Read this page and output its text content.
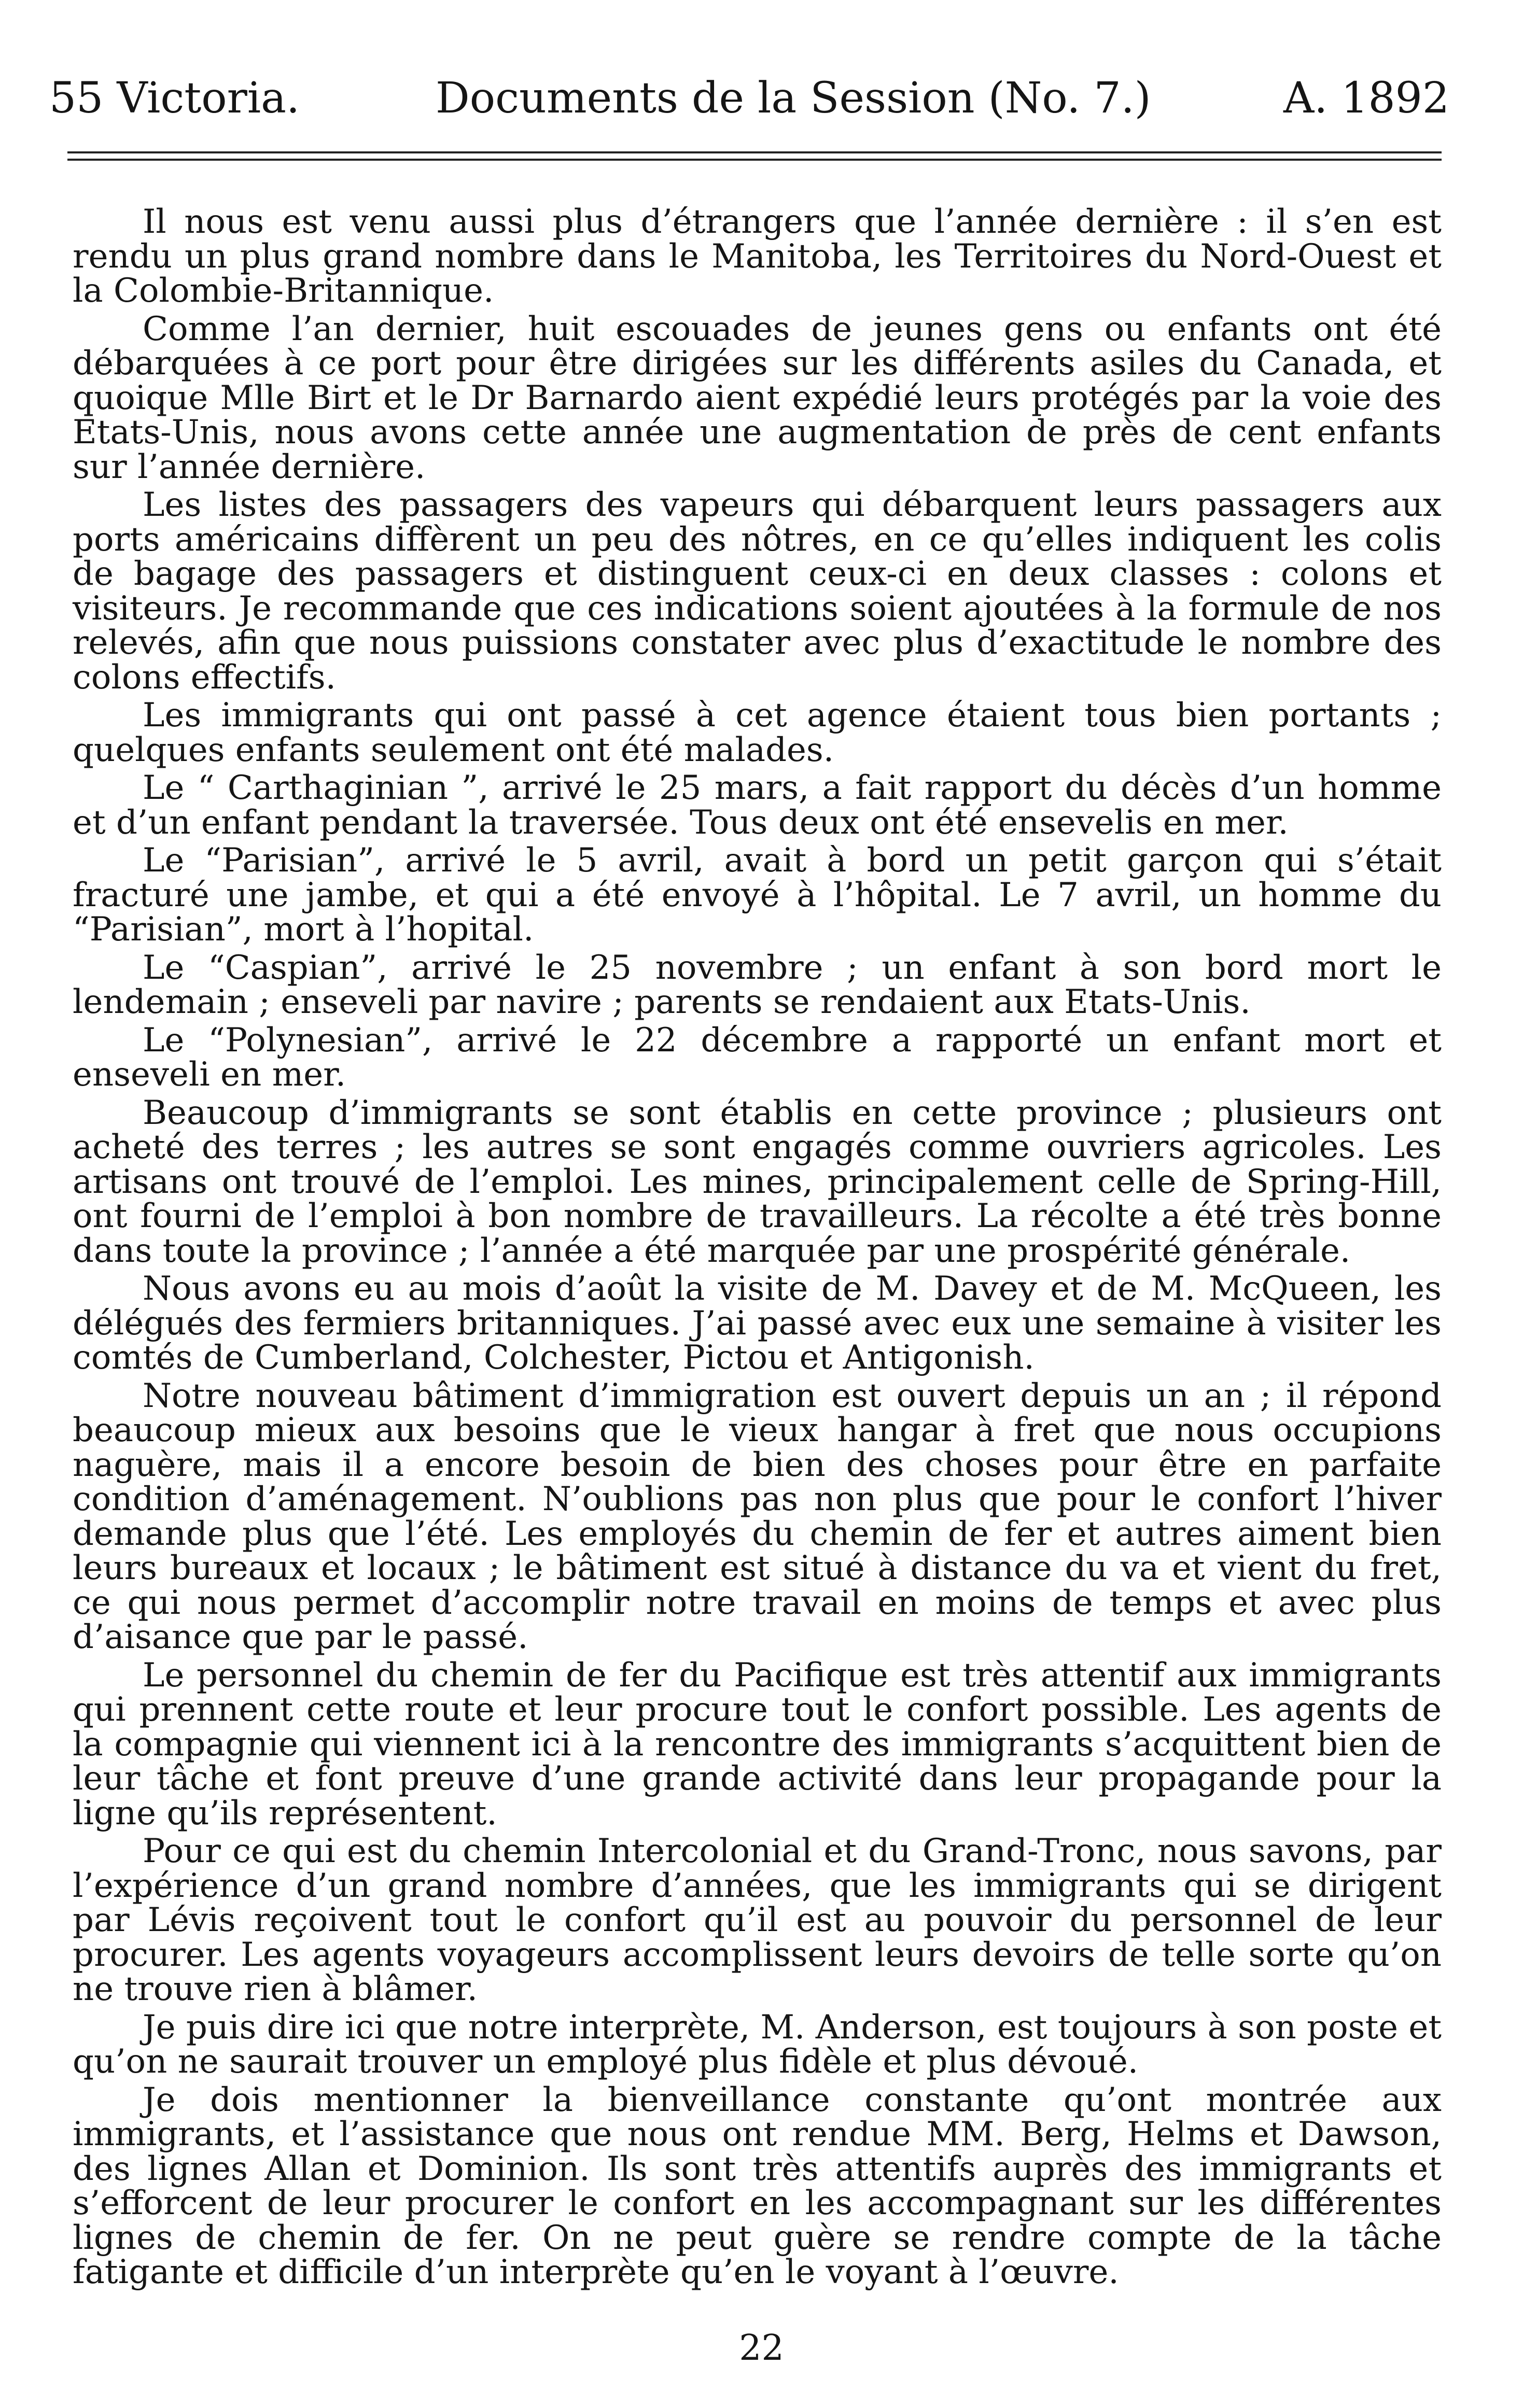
55 Victoria.	Documents de la Session (No. 7.)	A. 1892

Il nous est venu aussi plus d’étrangers que l’année dernière : il s’en est rendu un plus grand nombre dans le Manitoba, les Territoires du Nord-Ouest et la Colombie-Britannique.

Comme l’an dernier, huit escouades de jeunes gens ou enfants ont été débarquées à ce port pour être dirigées sur les différents asiles du Canada, et quoique Mlle Birt et le Dr Barnardo aient expédié leurs protégés par la voie des Etats-Unis, nous avons cette année une augmentation de près de cent enfants sur l’année dernière.

Les listes des passagers des vapeurs qui débarquent leurs passagers aux ports américains diffèrent un peu des nôtres, en ce qu’elles indiquent les colis de bagage des passagers et distinguent ceux-ci en deux classes : colons et visiteurs. Je recommande que ces indications soient ajoutées à la formule de nos relevés, afin que nous puissions constater avec plus d’exactitude le nombre des colons effectifs.

Les immigrants qui ont passé à cet agence étaient tous bien portants ; quelques enfants seulement ont été malades.

Le “ Carthaginian ”, arrivé le 25 mars, a fait rapport du décès d’un homme et d’un enfant pendant la traversée. Tous deux ont été ensevelis en mer.

Le “Parisian”, arrivé le 5 avril, avait à bord un petit garçon qui s’était fracturé une jambe, et qui a été envoyé à l’hôpital. Le 7 avril, un homme du “Parisian”, mort à l’hopital.

Le “Caspian”, arrivé le 25 novembre ; un enfant à son bord mort le lendemain ; enseveli par navire ; parents se rendaient aux Etats-Unis.

Le “Polynesian”, arrivé le 22 décembre a rapporté un enfant mort et enseveli en mer.

Beaucoup d’immigrants se sont établis en cette province ; plusieurs ont acheté des terres ; les autres se sont engagés comme ouvriers agricoles. Les artisans ont trouvé de l’emploi. Les mines, principalement celle de Spring-Hill, ont fourni de l’emploi à bon nombre de travailleurs. La récolte a été très bonne dans toute la province ; l’année a été marquée par une prospérité générale.

Nous avons eu au mois d’août la visite de M. Davey et de M. McQueen, les délégués des fermiers britanniques. J’ai passé avec eux une semaine à visiter les comtés de Cumberland, Colchester, Pictou et Antigonish.

Notre nouveau bâtiment d’immigration est ouvert depuis un an ; il répond beaucoup mieux aux besoins que le vieux hangar à fret que nous occupions naguère, mais il a encore besoin de bien des choses pour être en parfaite condition d’aménagement. N’oublions pas non plus que pour le confort l’hiver demande plus que l’été. Les employés du chemin de fer et autres aiment bien leurs bureaux et locaux ; le bâtiment est situé à distance du va et vient du fret, ce qui nous permet d’accomplir notre travail en moins de temps et avec plus d’aisance que par le passé.

Le personnel du chemin de fer du Pacifique est très attentif aux immigrants qui prennent cette route et leur procure tout le confort possible. Les agents de la compagnie qui viennent ici à la rencontre des immigrants s’acquittent bien de leur tâche et font preuve d’une grande activité dans leur propagande pour la ligne qu’ils représentent.

Pour ce qui est du chemin Intercolonial et du Grand-Tronc, nous savons, par l’expérience d’un grand nombre d’années, que les immigrants qui se dirigent par Lévis reçoivent tout le confort qu’il est au pouvoir du personnel de leur procurer. Les agents voyageurs accomplissent leurs devoirs de telle sorte qu’on ne trouve rien à blâmer.

Je puis dire ici que notre interprète, M. Anderson, est toujours à son poste et qu’on ne saurait trouver un employé plus fidèle et plus dévoué.

Je dois mentionner la bienveillance constante qu’ont montrée aux immigrants, et l’assistance que nous ont rendue MM. Berg, Helms et Dawson, des lignes Allan et Dominion. Ils sont très attentifs auprès des immigrants et s’efforcent de leur procurer le confort en les accompagnant sur les différentes lignes de chemin de fer. On ne peut guère se rendre compte de la tâche fatigante et difficile d’un interprète qu’en le voyant à l’œuvre.

22
